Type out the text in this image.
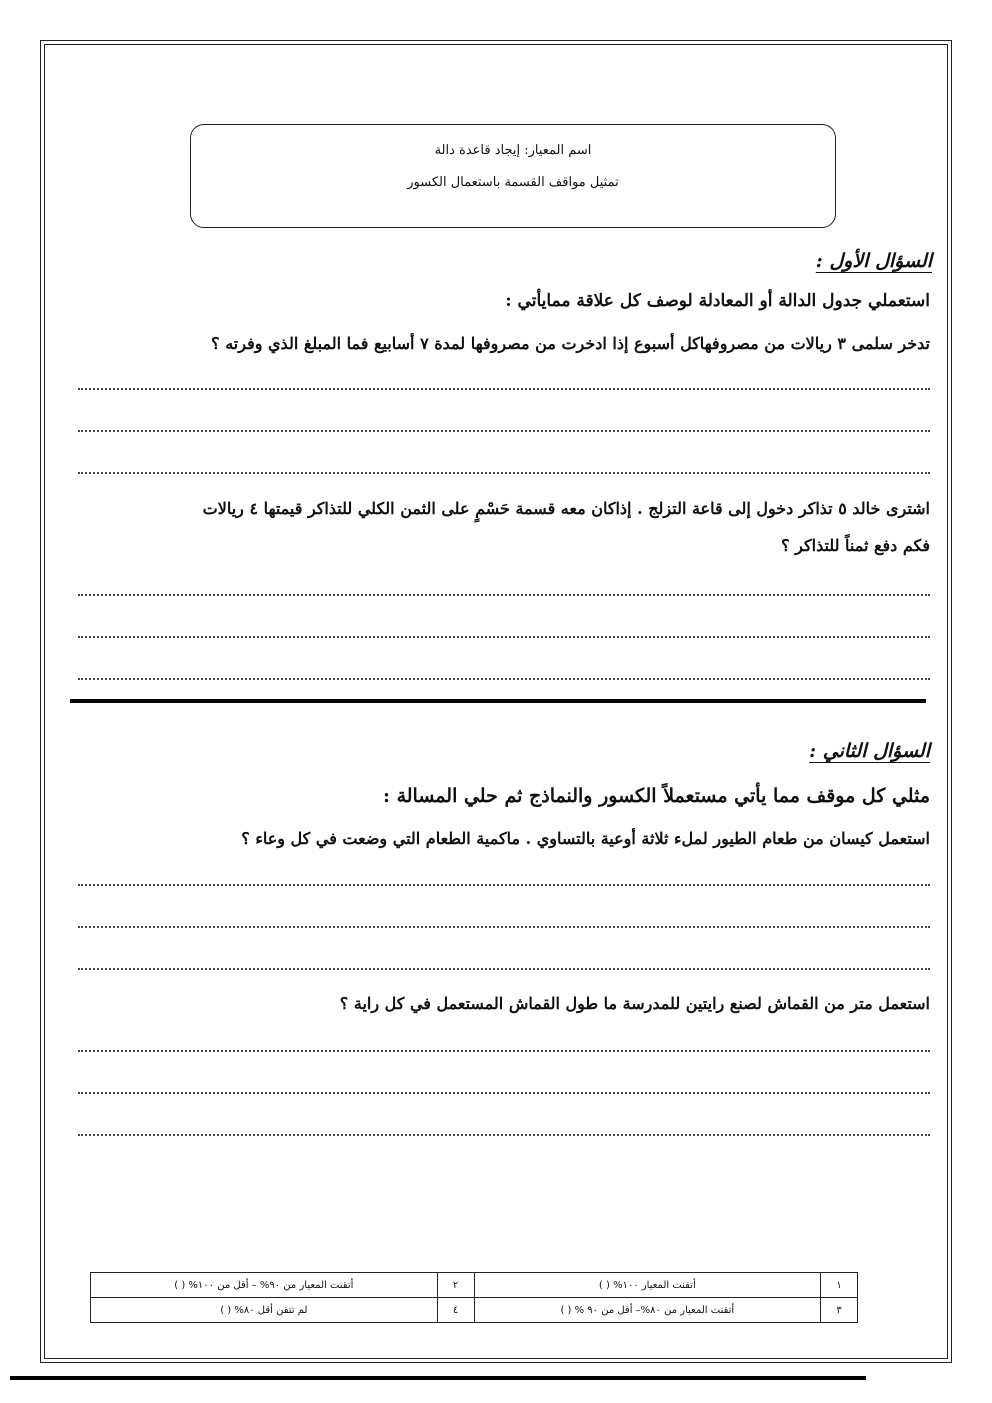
اسم المعيار: إيجاد قاعدة دالة
تمثيل مواقف القسمة باستعمال الكسور
السؤال الأول :
استعملي جدول الدالة أو المعادلة لوصف كل علاقة ممايأتي :
تدخر سلمى ٣ ريالات من مصروفهاكل أسبوع إذا ادخرت من مصروفها لمدة ٧ أسابيع فما المبلغ الذي وفرته ؟
اشترى خالد ٥ تذاكر دخول إلى قاعة التزلج . إذاكان معه قسمة حَسْمٍ على الثمن الكلي للتذاكر قيمتها ٤ ريالات
فكم دفع ثمناً للتذاكر ؟
السؤال الثاني :
مثلي كل موقف مما يأتي مستعملاً الكسور والنماذج ثم حلي المسالة :
استعمل كيسان من طعام الطيور لملء ثلاثة أوعية بالتساوي . ماكمية الطعام التي وضعت في كل وعاء ؟
استعمل متر من القماش لصنع رايتين للمدرسة ما طول القماش المستعمل في كل راية ؟
١	أتقنت المعيار ١٠٠% ( )	٢	أتقنت المعيار من ٩٠% – أقل من ١٠٠% ( )
٣	أتقنت المعيار من ٨٠%– أقل من ٩٠ % ( )	٤	لم تتقن أقل ٨٠% ( )
